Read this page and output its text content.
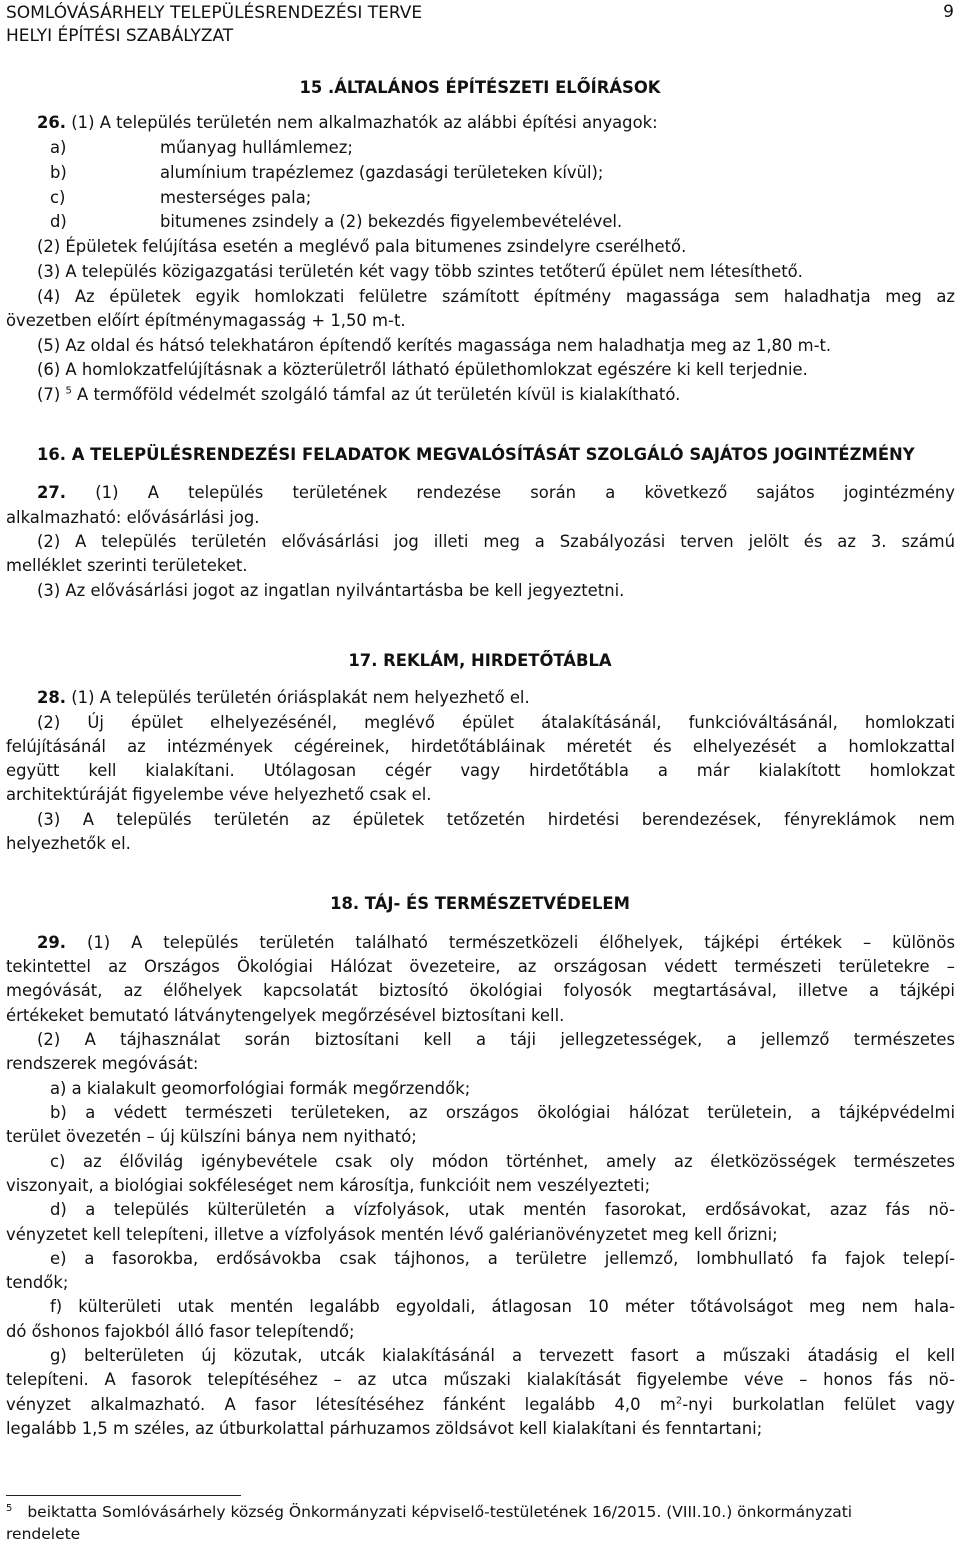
SOMLÓVÁSÁRHELY TELEPÜLÉSRENDEZÉSI TERVE	9
HELYI ÉPÍTÉSI SZABÁLYZAT
15 .ÁLTALÁNOS ÉPÍTÉSZETI ELŐÍRÁSOK
26. (1) A település területén nem alkalmazhatók az alábbi építési anyagok:
a)	műanyag hullámlemez;
b)	alumínium trapézlemez (gazdasági területeken kívül);
c)	mesterséges pala;
d)	bitumenes zsindely a (2) bekezdés figyelembevételével.
(2) Épületek felújítása esetén a meglévő pala bitumenes zsindelyre cserélhető.
(3) A település közigazgatási területén két vagy több szintes tetőterű épület nem létesíthető.
(4) Az épületek egyik homlokzati felületre számított építmény magassága sem haladhatja meg az
övezetben előírt építménymagasság + 1,50 m-t.
(5) Az oldal és hátsó telekhatáron építendő kerítés magassága nem haladhatja meg az 1,80 m-t.
(6) A homlokzatfelújításnak a közterületről látható épülethomlokzat egészére ki kell terjednie.
(7) $^5$ A termőföld védelmét szolgáló támfal az út területén kívül is kialakítható.
16. A TELEPÜLÉSRENDEZÉSI FELADATOK MEGVALÓSÍTÁSÁT SZOLGÁLÓ SAJÁTOS JOGINTÉZMÉNY
27. (1) A település területének rendezése során a következő sajátos jogintézmény
alkalmazható: elővásárlási jog.
(2) A település területén elővásárlási jog illeti meg a Szabályozási terven jelölt és az 3. számú
melléklet szerinti területeket.
(3) Az elővásárlási jogot az ingatlan nyilvántartásba be kell jegyeztetni.
17. REKLÁM, HIRDETŐTÁBLA
28. (1) A település területén óriásplakát nem helyezhető el.
(2) Új épület elhelyezésénél, meglévő épület átalakításánál, funkcióváltásánál, homlokzati
felújításánál az intézmények cégéreinek, hirdetőtábláinak méretét és elhelyezését a homlokzattal
együtt kell kialakítani. Utólagosan cégér vagy hirdetőtábla a már kialakított homlokzat
architektúráját figyelembe véve helyezhető csak el.
(3) A település területén az épületek tetőzetén hirdetési berendezések, fényreklámok nem
helyezhetők el.
18. TÁJ- ÉS TERMÉSZETVÉDELEM
29. (1) A település területén található természetközeli élőhelyek, tájképi értékek – különös
tekintettel az Országos Ökológiai Hálózat övezeteire, az országosan védett természeti területekre –
megóvását, az élőhelyek kapcsolatát biztosító ökológiai folyosók megtartásával, illetve a tájképi
értékeket bemutató látványtengelyek megőrzésével biztosítani kell.
(2) A tájhasználat során biztosítani kell a táji jellegzetességek, a jellemző természetes
rendszerek megóvását:
a) a kialakult geomorfológiai formák megőrzendők;
b) a védett természeti területeken, az országos ökológiai hálózat területein, a tájképvédelmi
terület övezetén – új külszíni bánya nem nyitható;
c) az élővilág igénybevétele csak oly módon történhet, amely az életközösségek természetes
viszonyait, a biológiai sokféleséget nem károsítja, funkcióit nem veszélyezteti;
d) a település külterületén a vízfolyások, utak mentén fasorokat, erdősávokat, azaz fás nö-
vényzetet kell telepíteni, illetve a vízfolyások mentén lévő galérianövényzetet meg kell őrizni;
e) a fasorokba, erdősávokba csak tájhonos, a területre jellemző, lombhullató fa fajok telepí-
tendők;
f) külterületi utak mentén legalább egyoldali, átlagosan 10 méter tőtávolságot meg nem hala-
dó őshonos fajokból álló fasor telepítendő;
g) belterületen új közutak, utcák kialakításánál a tervezett fasort a műszaki átadásig el kell
telepíteni. A fasorok telepítéséhez – az utca műszaki kialakítását figyelembe véve – honos fás nö-
vényzet alkalmazható. A fasor létesítéséhez fánként legalább 4,0 $m^2$-nyi burkolatlan felület vagy
legalább 1,5 m széles, az útburkolattal párhuzamos zöldsávot kell kialakítani és fenntartani;
$^5$ beiktatta Somlóvásárhely község Önkormányzati képviselő-testületének 16/2015. (VIII.10.) önkormányzati
rendelete
